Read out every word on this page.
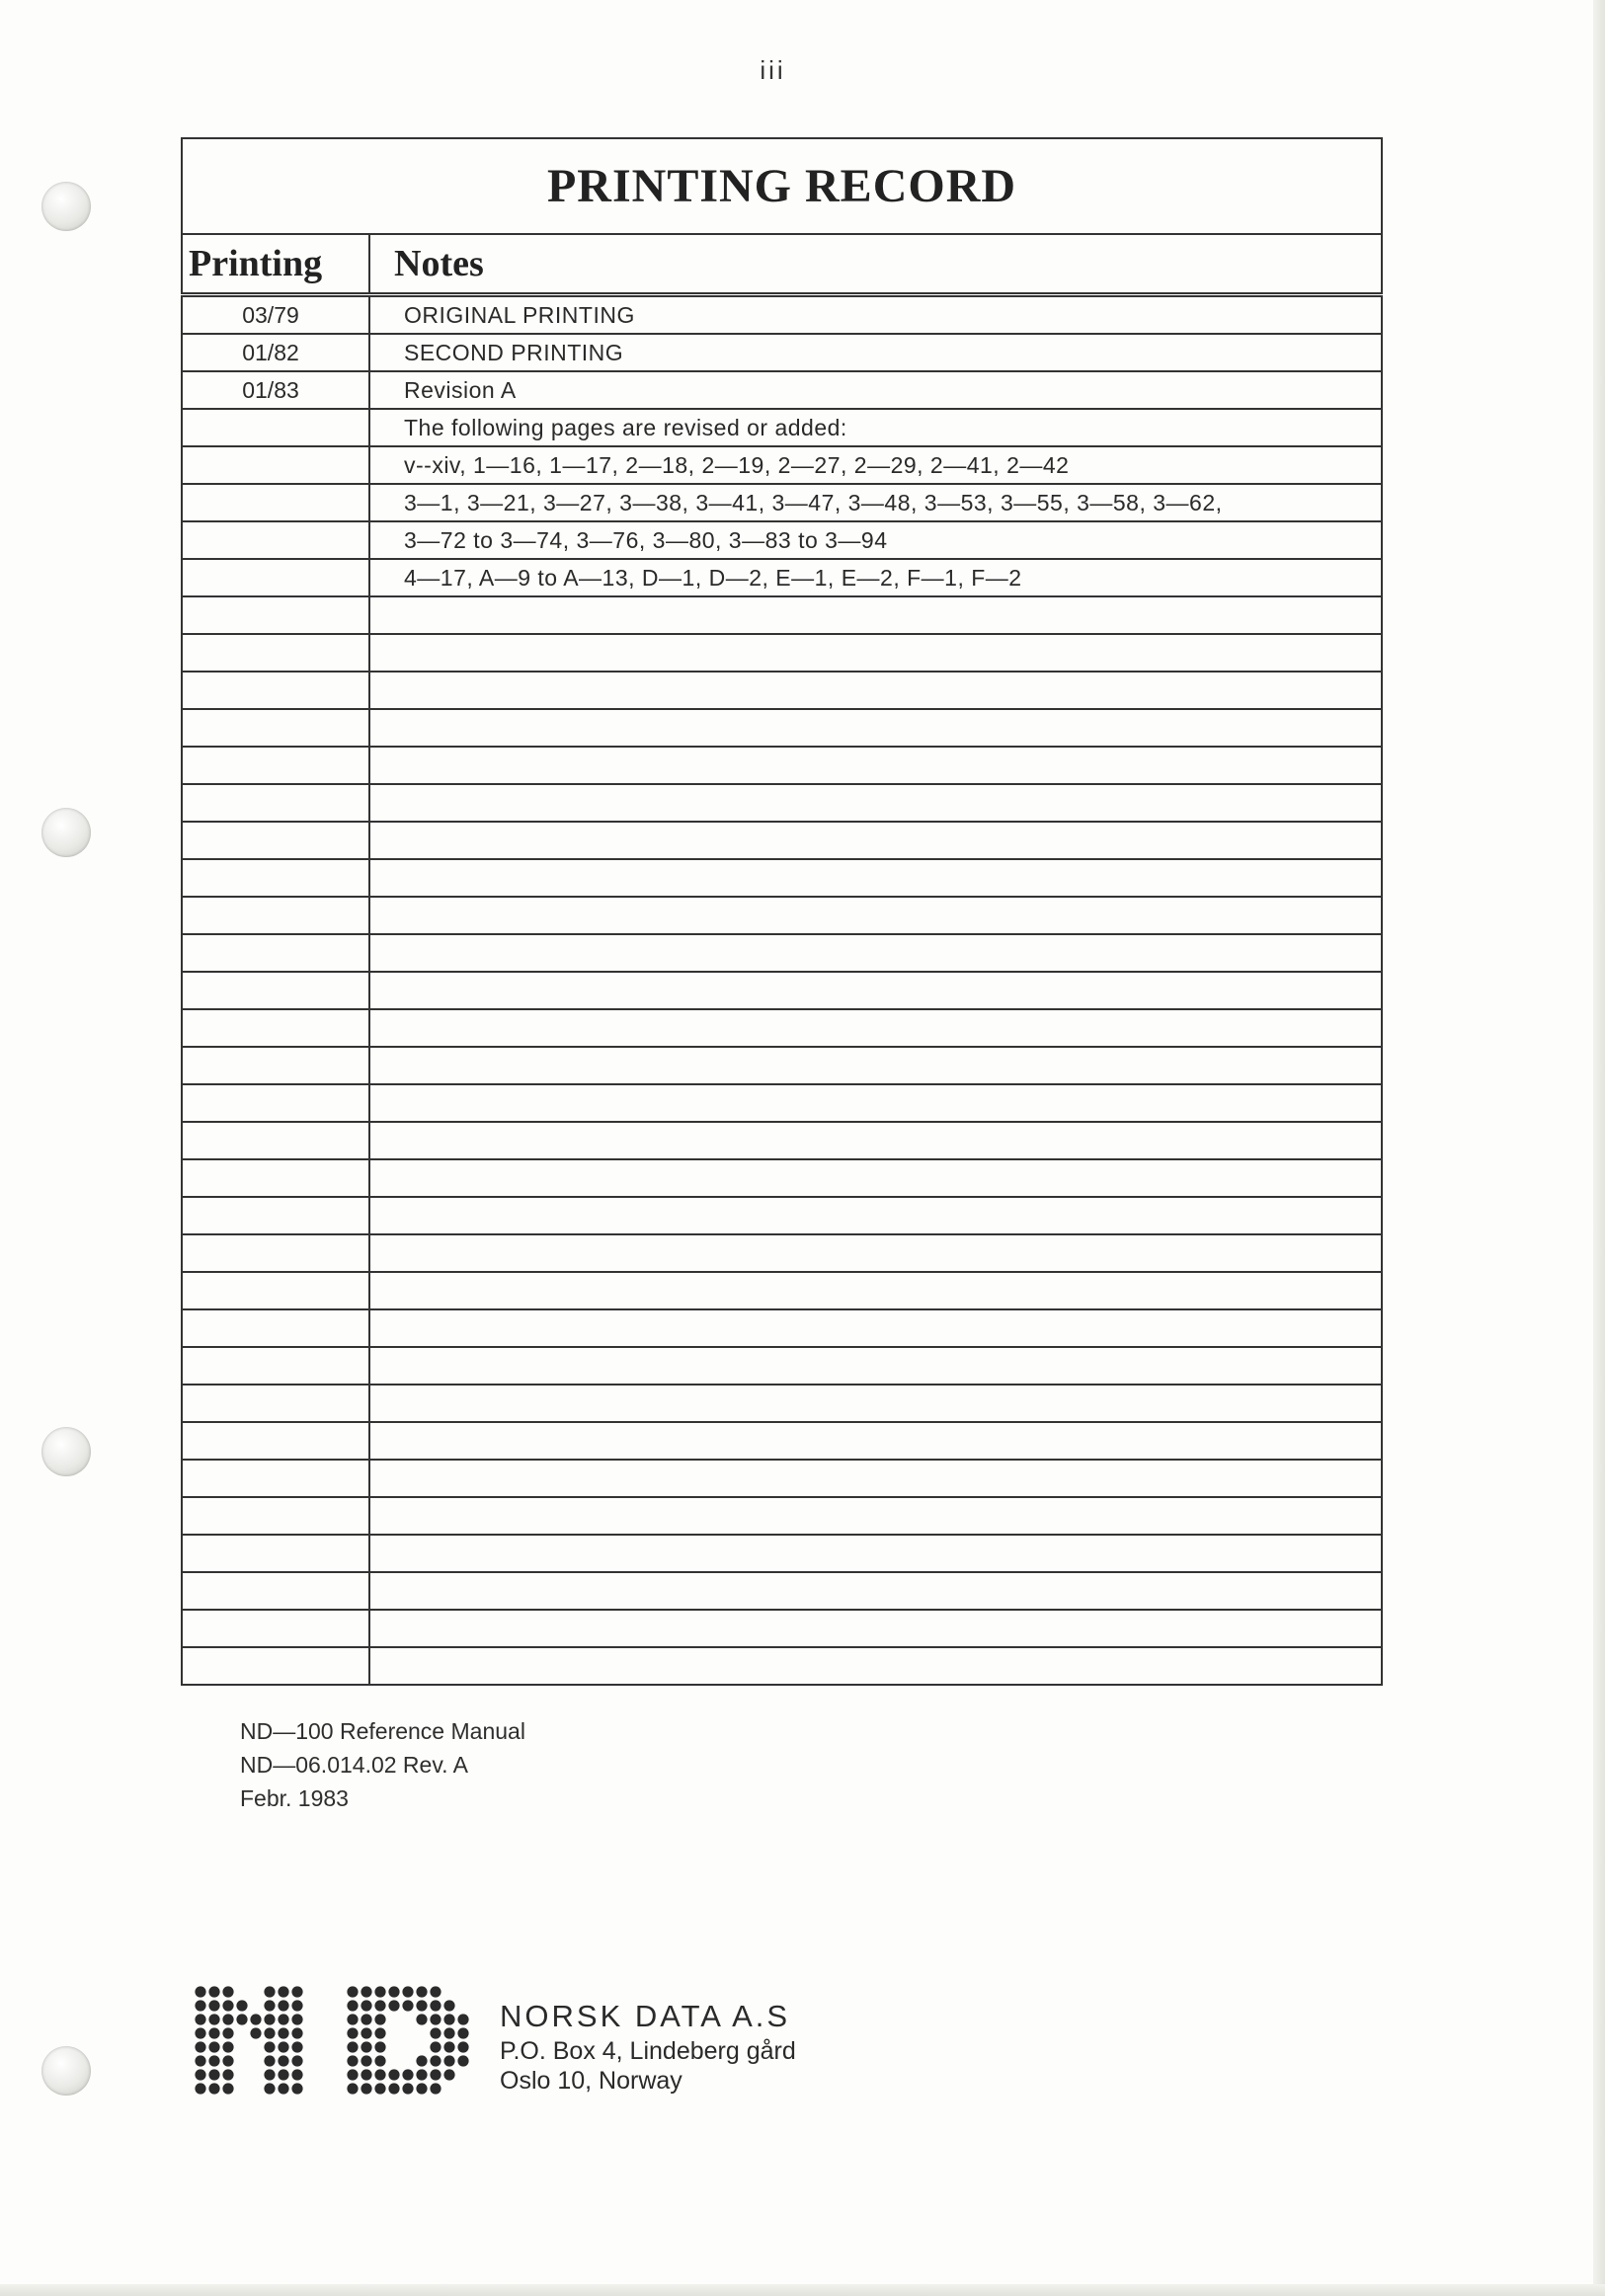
iii
PRINTING RECORD	
Printing	Notes
03/79	ORIGINAL PRINTING
01/82	SECOND PRINTING
01/83	Revision A
	The following pages are revised or added:
	v--xiv, 1—16, 1—17, 2—18, 2—19, 2—27, 2—29, 2—41, 2—42
	3—1, 3—21, 3—27, 3—38, 3—41, 3—47, 3—48, 3—53, 3—55, 3—58, 3—62,
	3—72 to 3—74, 3—76, 3—80, 3—83 to 3—94
	4—17, A—9 to A—13, D—1, D—2, E—1, E—2, F—1, F—2

ND—100 Reference Manual
ND—06.014.02 Rev. A
Febr. 1983
NORSK DATA A.S
P.O. Box 4, Lindeberg gård
Oslo 10, Norway
